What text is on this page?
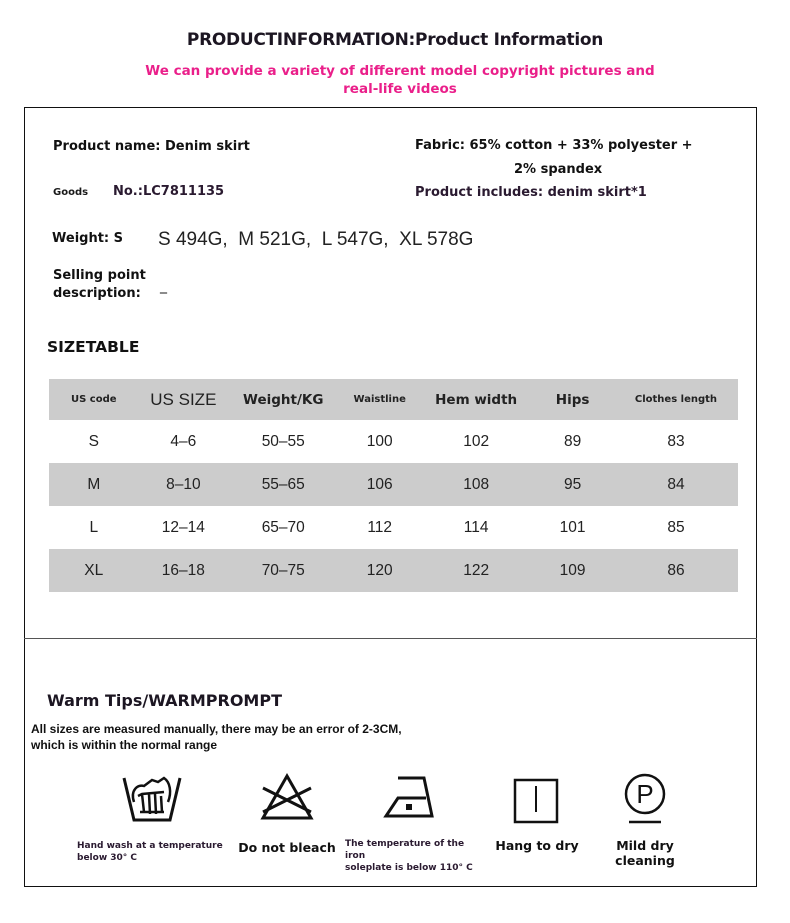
PRODUCTINFORMATION:Product Information
We can provide a variety of different model copyright pictures and
real-life videos
Product name: Denim skirt
Goods No.:LC7811135
Fabric: 65% cotton + 33% polyester +
2% spandex
Product includes: denim skirt*1
Weight: S S 494G,  M 521G,  L 547G,  XL 578G
Selling point
description:	_
SIZETABLE
US code	US SIZE	Weight/KG	Waistline	Hem width	Hips	Clothes length
S	4–6	50–55	100	102	89	83
M	8–10	55–65	106	108	95	84
L	12–14	65–70	112	114	101	85
XL	16–18	70–75	120	122	109	86
Warm Tips/WARMPROMPT
All sizes are measured manually, there may be an error of 2-3CM,
which is within the normal range
Hand wash at a temperature
below 30° C
Do not bleach The temperature of the iron
soleplate is below 110° C
Hang to dry
P
Mild dry cleaning
